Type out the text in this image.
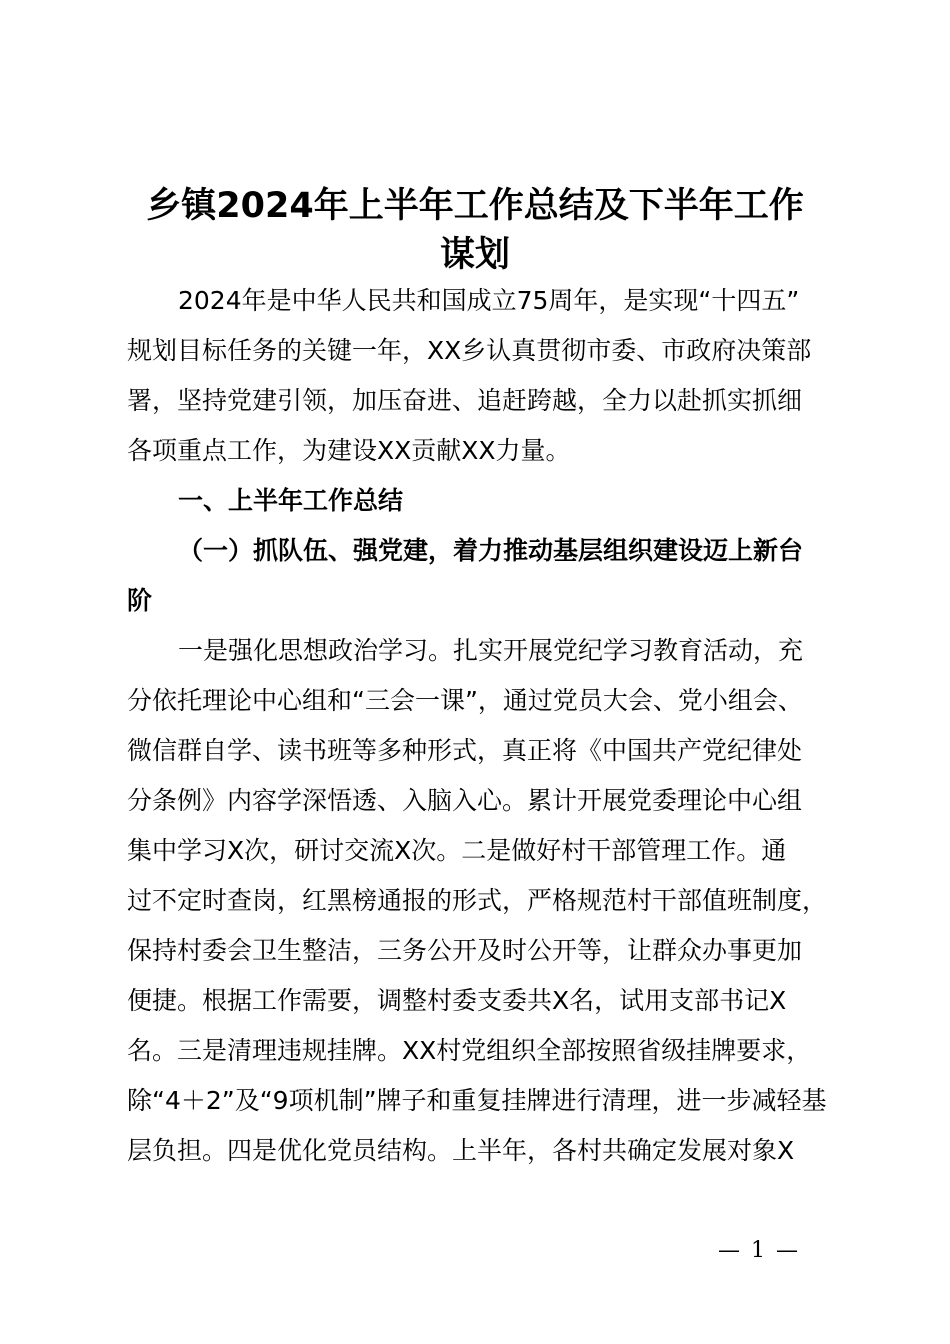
乡镇2024年上半年工作总结及下半年工作
谋划

2024年是中华人民共和国成立75周年，是实现“十四五”

规划目标任务的关键一年，XX乡认真贯彻市委、市政府决策部

署，坚持党建引领，加压奋进、追赶跨越，全力以赴抓实抓细

各项重点工作，为建设XX贡献XX力量。

一、上半年工作总结

（一）抓队伍、强党建，着力推动基层组织建设迈上新台

阶

一是强化思想政治学习。扎实开展党纪学习教育活动，充

分依托理论中心组和“三会一课”，通过党员大会、党小组会、

微信群自学、读书班等多种形式，真正将《中国共产党纪律处

分条例》内容学深悟透、入脑入心。累计开展党委理论中心组

集中学习X次，研讨交流X次。二是做好村干部管理工作。通

过不定时查岗，红黑榜通报的形式，严格规范村干部值班制度，

保持村委会卫生整洁，三务公开及时公开等，让群众办事更加

便捷。根据工作需要，调整村委支委共X名，试用支部书记X

名。三是清理违规挂牌。XX村党组织全部按照省级挂牌要求，

除“4＋2”及“9项机制”牌子和重复挂牌进行清理，进一步减轻基

层负担。四是优化党员结构。上半年，各村共确定发展对象X

— 1 —
